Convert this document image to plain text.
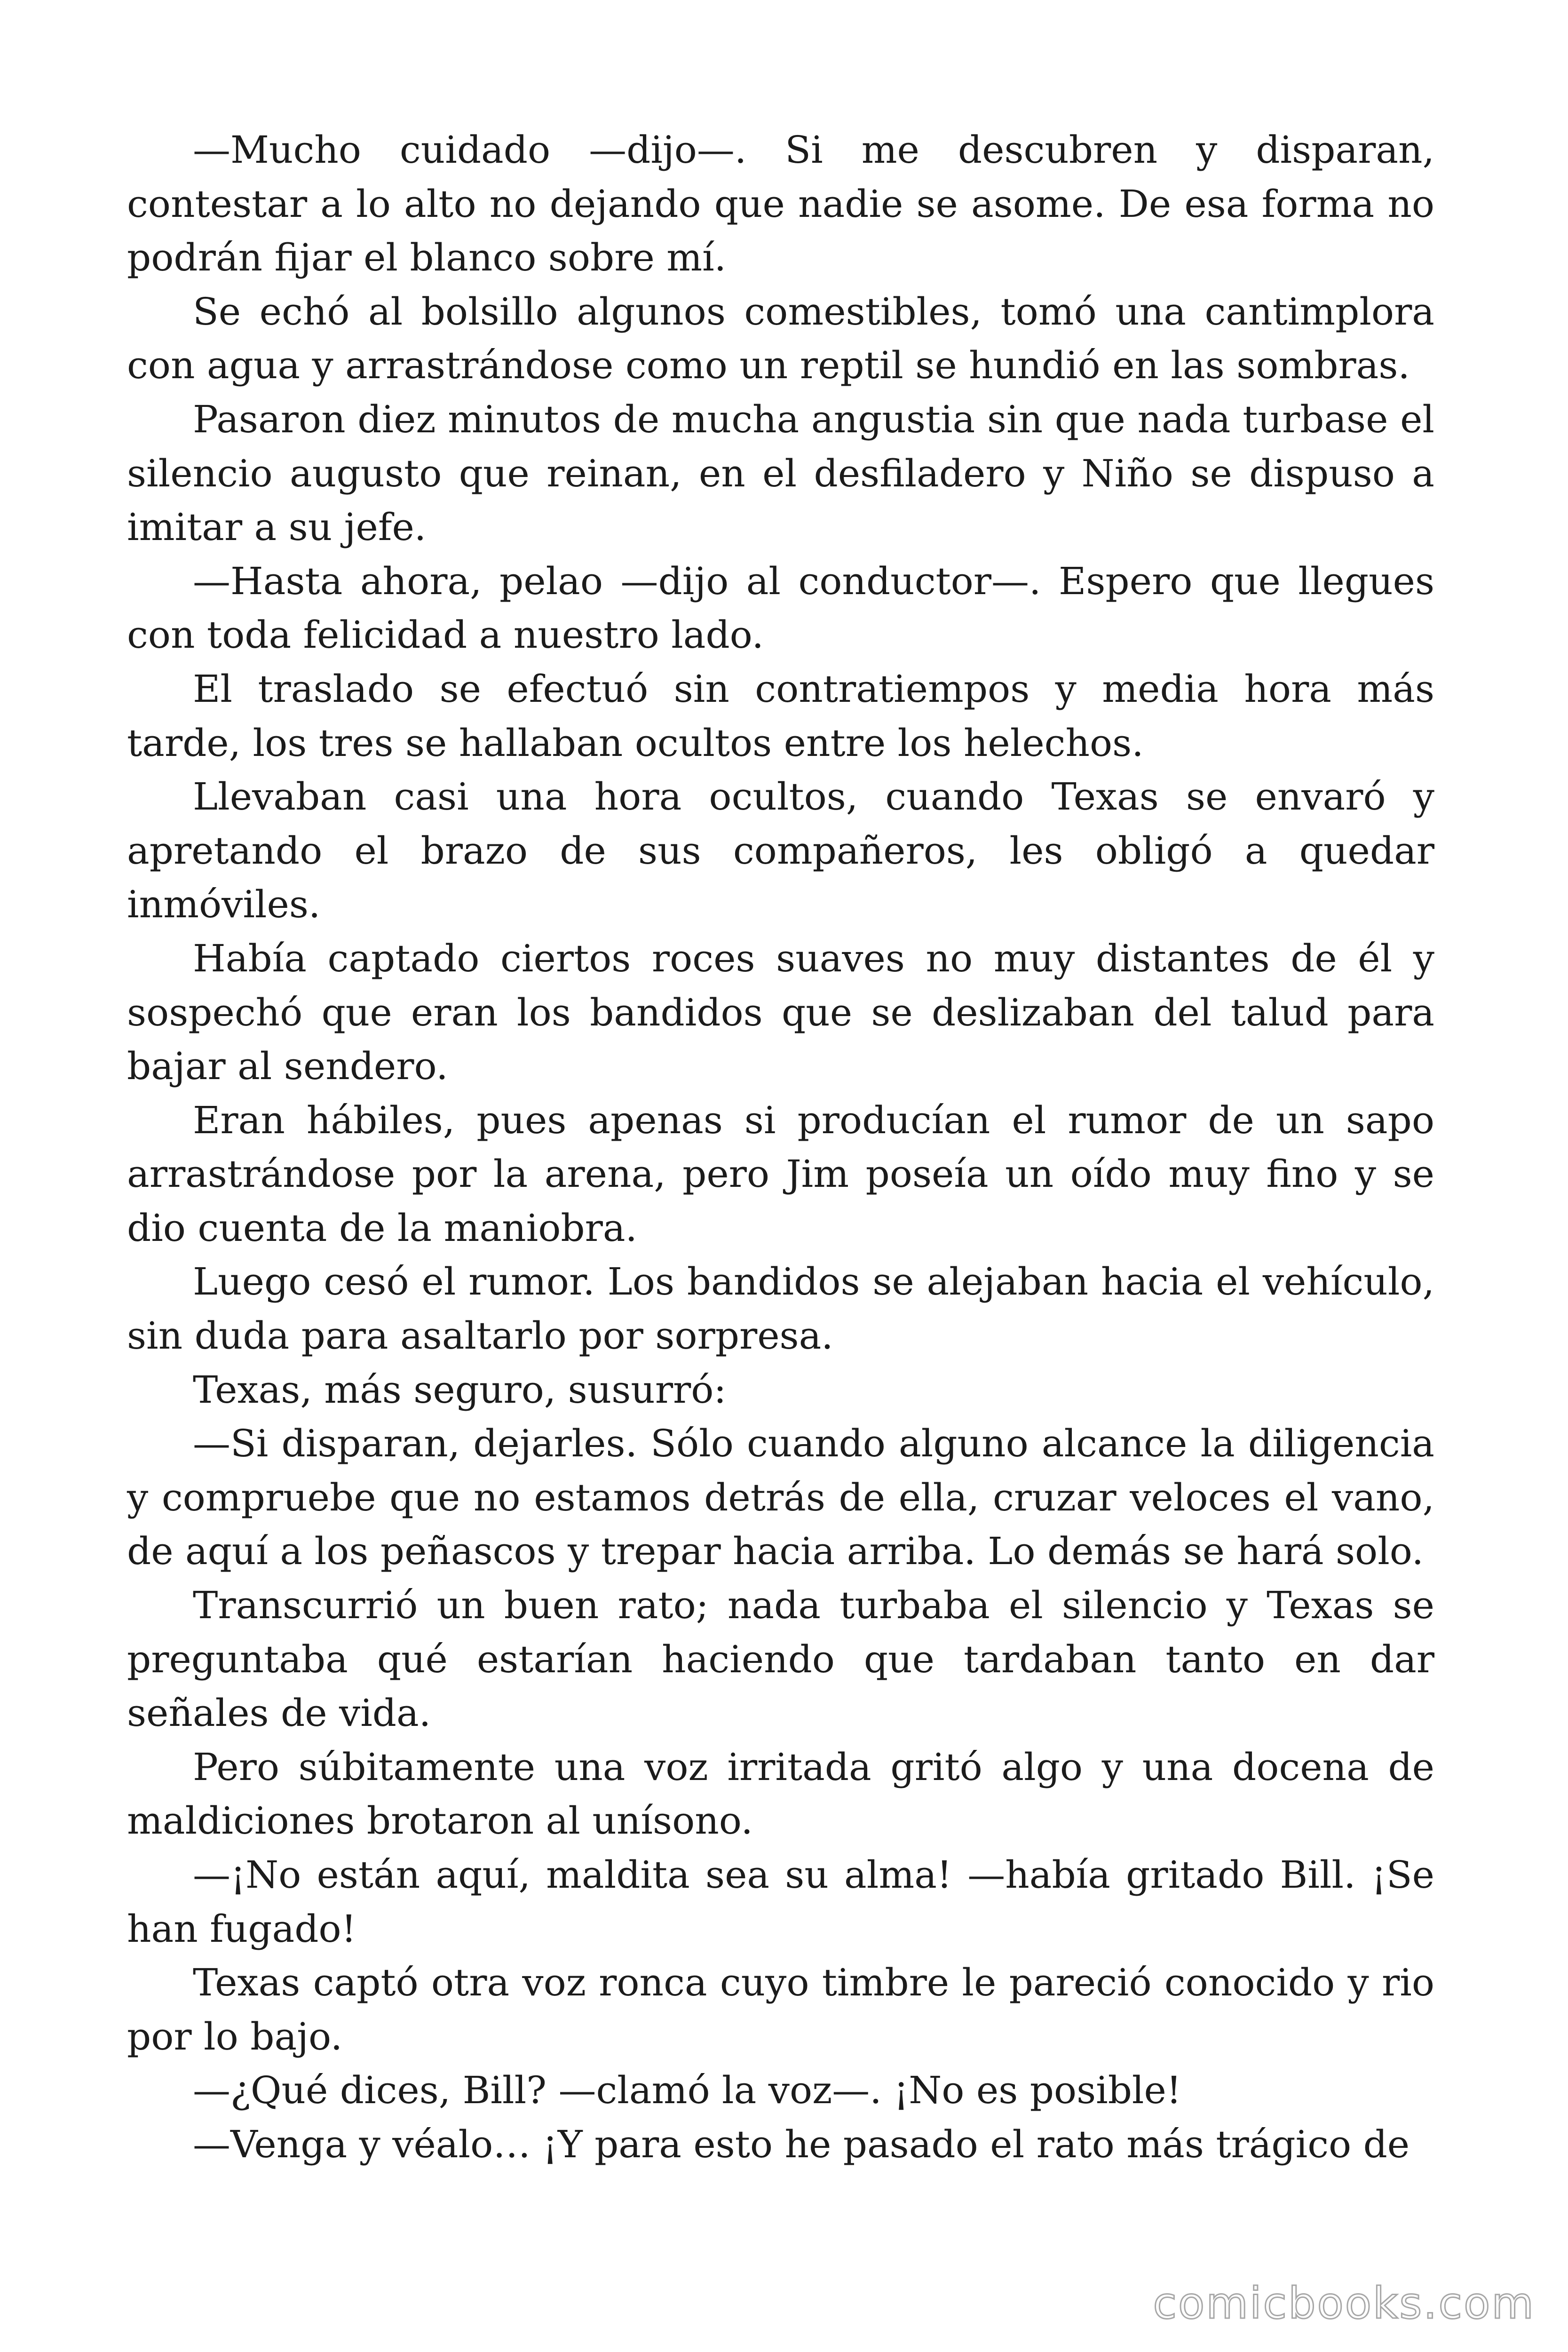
—Mucho cuidado —dijo—. Si me descubren y disparan, contestar a lo alto no dejando que nadie se asome. De esa forma no podrán fijar el blanco sobre mí.

Se echó al bolsillo algunos comestibles, tomó una cantimplora con agua y arrastrándose como un reptil se hundió en las sombras.

Pasaron diez minutos de mucha angustia sin que nada turbase el silencio augusto que reinan, en el desfiladero y Niño se dispuso a imitar a su jefe.

—Hasta ahora, pelao —dijo al conductor—. Espero que llegues con toda felicidad a nuestro lado.

El traslado se efectuó sin contratiempos y media hora más tarde, los tres se hallaban ocultos entre los helechos.

Llevaban casi una hora ocultos, cuando Texas se envaró y apretando el brazo de sus compañeros, les obligó a quedar inmóviles.

Había captado ciertos roces suaves no muy distantes de él y sospechó que eran los bandidos que se deslizaban del talud para bajar al sendero.

Eran hábiles, pues apenas si producían el rumor de un sapo arrastrándose por la arena, pero Jim poseía un oído muy fino y se dio cuenta de la maniobra.

Luego cesó el rumor. Los bandidos se alejaban hacia el vehículo, sin duda para asaltarlo por sorpresa.

Texas, más seguro, susurró:

—Si disparan, dejarles. Sólo cuando alguno alcance la diligencia y compruebe que no estamos detrás de ella, cruzar veloces el vano, de aquí a los peñascos y trepar hacia arriba. Lo demás se hará solo.

Transcurrió un buen rato; nada turbaba el silencio y Texas se preguntaba qué estarían haciendo que tardaban tanto en dar señales de vida.

Pero súbitamente una voz irritada gritó algo y una docena de maldiciones brotaron al unísono.

—¡No están aquí, maldita sea su alma! —había gritado Bill. ¡Se han fugado!

Texas captó otra voz ronca cuyo timbre le pareció conocido y rio por lo bajo.

—¿Qué dices, Bill? —clamó la voz—. ¡No es posible!

—Venga y véalo… ¡Y para esto he pasado el rato más trágico de

comicbooks.com
